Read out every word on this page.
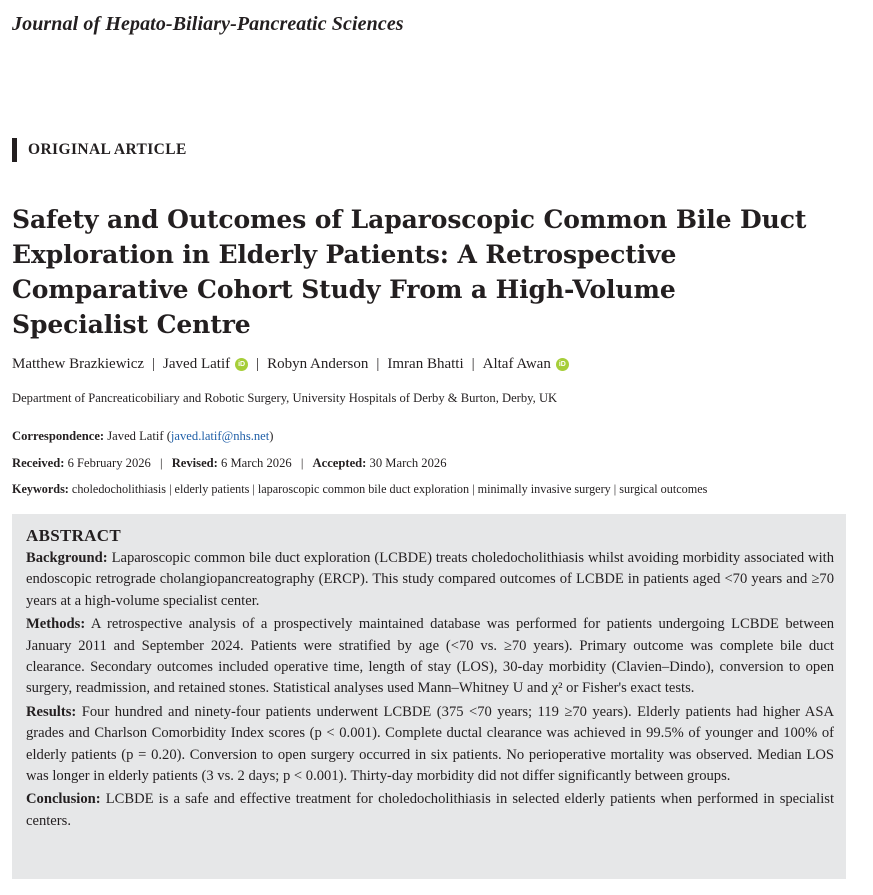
Journal of Hepato-Biliary-Pancreatic Sciences
ORIGINAL ARTICLE
Safety and Outcomes of Laparoscopic Common Bile Duct Exploration in Elderly Patients: A Retrospective Comparative Cohort Study From a High-Volume Specialist Centre
Matthew Brazkiewicz | Javed Latif	iD | Robyn Anderson | Imran Bhatti | Altaf Awan	iD
Department of Pancreaticobiliary and Robotic Surgery, University Hospitals of Derby & Burton, Derby, UK
Correspondence: Javed Latif (javed.latif@nhs.net)
Received: 6 February 2026 | Revised: 6 March 2026 | Accepted: 30 March 2026
Keywords: choledocholithiasis | elderly patients | laparoscopic common bile duct exploration | minimally invasive surgery | surgical outcomes
ABSTRACT

Background: Laparoscopic common bile duct exploration (LCBDE) treats choledocholithiasis whilst avoiding morbidity associated with endoscopic retrograde cholangiopancreatography (ERCP). This study compared outcomes of LCBDE in patients aged <70 years and ≥70 years at a high-volume specialist center.

Methods: A retrospective analysis of a prospectively maintained database was performed for patients undergoing LCBDE between January 2011 and September 2024. Patients were stratified by age (<70 vs. ≥70 years). Primary outcome was complete bile duct clearance. Secondary outcomes included operative time, length of stay (LOS), 30-day morbidity (Clavien–Dindo), conversion to open surgery, readmission, and retained stones. Statistical analyses used Mann–Whitney U and χ² or Fisher's exact tests.

Results: Four hundred and ninety-four patients underwent LCBDE (375 <70 years; 119 ≥70 years). Elderly patients had higher ASA grades and Charlson Comorbidity Index scores (p < 0.001). Complete ductal clearance was achieved in 99.5% of younger and 100% of elderly patients (p = 0.20). Conversion to open surgery occurred in six patients. No perioperative mortality was observed. Median LOS was longer in elderly patients (3 vs. 2 days; p < 0.001). Thirty-day morbidity did not differ significantly between groups.

Conclusion: LCBDE is a safe and effective treatment for choledocholithiasis in selected elderly patients when performed in specialist centers.
